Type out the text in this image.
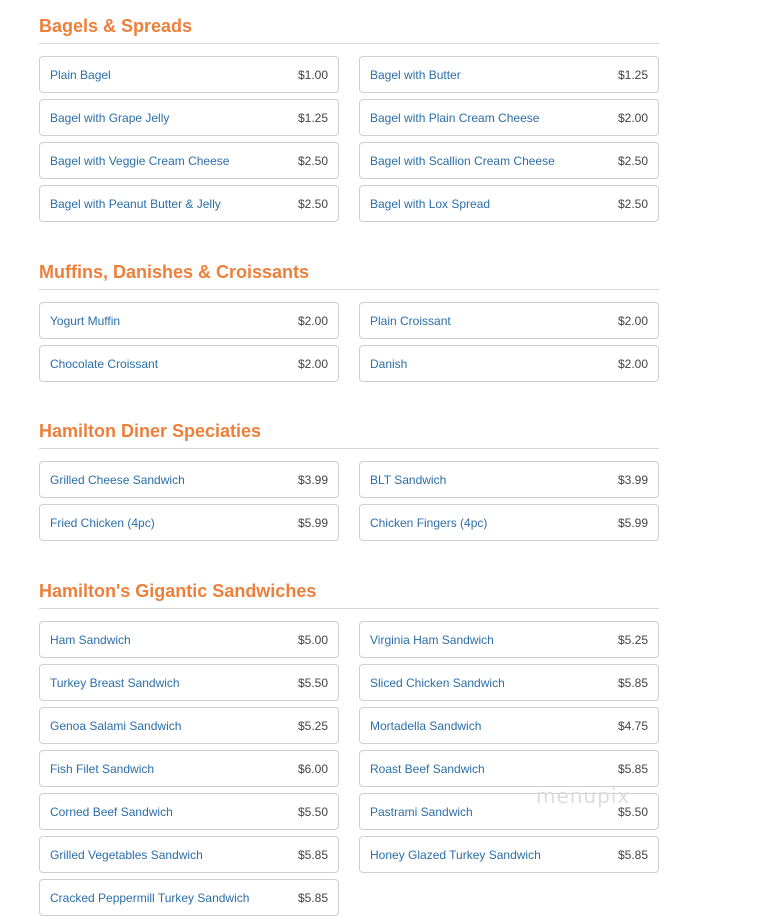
Bagels & Spreads
Plain Bagel	$1.00	Bagel with Butter	$1.25
Bagel with Grape Jelly	$1.25	Bagel with Plain Cream Cheese	$2.00
Bagel with Veggie Cream Cheese	$2.50	Bagel with Scallion Cream Cheese	$2.50
Bagel with Peanut Butter & Jelly	$2.50	Bagel with Lox Spread	$2.50
Muffins, Danishes & Croissants
Yogurt Muffin	$2.00	Plain Croissant	$2.00
Chocolate Croissant	$2.00	Danish	$2.00
Hamilton Diner Speciaties
Grilled Cheese Sandwich	$3.99	BLT Sandwich	$3.99
Fried Chicken (4pc)	$5.99	Chicken Fingers (4pc)	$5.99
Hamilton's Gigantic Sandwiches
Ham Sandwich	$5.00	Virginia Ham Sandwich	$5.25
Turkey Breast Sandwich	$5.50	Sliced Chicken Sandwich	$5.85
Genoa Salami Sandwich	$5.25	Mortadella Sandwich	$4.75
Fish Filet Sandwich	$6.00	Roast Beef Sandwich	$5.85
Corned Beef Sandwich	$5.50	Pastrami Sandwich	$5.50
Grilled Vegetables Sandwich	$5.85	Honey Glazed Turkey Sandwich	$5.85
Cracked Peppermill Turkey Sandwich	$5.85
menupix
